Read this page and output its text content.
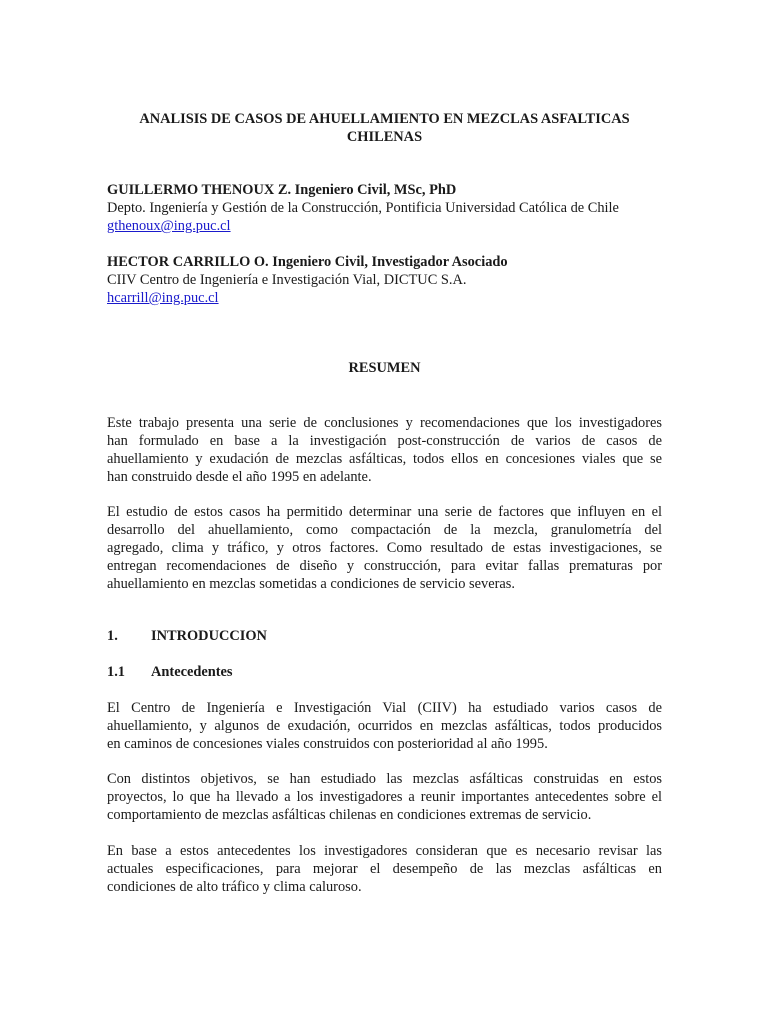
ANALISIS DE CASOS DE AHUELLAMIENTO EN MEZCLAS ASFALTICAS
CHILENAS
GUILLERMO THENOUX Z. Ingeniero Civil, MSc, PhD
Depto. Ingeniería y Gestión de la Construcción, Pontificia Universidad Católica de Chile
gthenoux@ing.puc.cl
HECTOR CARRILLO O. Ingeniero Civil, Investigador Asociado
CIIV Centro de Ingeniería e Investigación Vial, DICTUC S.A.
hcarrill@ing.puc.cl
RESUMEN
Este trabajo presenta una serie de conclusiones y recomendaciones que los investigadores
han formulado en base a la investigación post-construcción de varios de casos de
ahuellamiento y exudación de mezclas asfálticas, todos ellos en concesiones viales que se
han construido desde el año 1995 en adelante.
El estudio de estos casos ha permitido determinar una serie de factores que influyen en el
desarrollo del ahuellamiento, como compactación de la mezcla, granulometría del
agregado, clima y tráfico, y otros factores. Como resultado de estas investigaciones, se
entregan recomendaciones de diseño y construcción, para evitar fallas prematuras por
ahuellamiento en mezclas sometidas a condiciones de servicio severas.
1. INTRODUCCION
1.1 Antecedentes
El Centro de Ingeniería e Investigación Vial (CIIV) ha estudiado varios casos de
ahuellamiento, y algunos de exudación, ocurridos en mezclas asfálticas, todos producidos
en caminos de concesiones viales construidos con posterioridad al año 1995.
Con distintos objetivos, se han estudiado las mezclas asfálticas construidas en estos
proyectos, lo que ha llevado a los investigadores a reunir importantes antecedentes sobre el
comportamiento de mezclas asfálticas chilenas en condiciones extremas de servicio.
En base a estos antecedentes los investigadores consideran que es necesario revisar las
actuales especificaciones, para mejorar el desempeño de las mezclas asfálticas en
condiciones de alto tráfico y clima caluroso.
